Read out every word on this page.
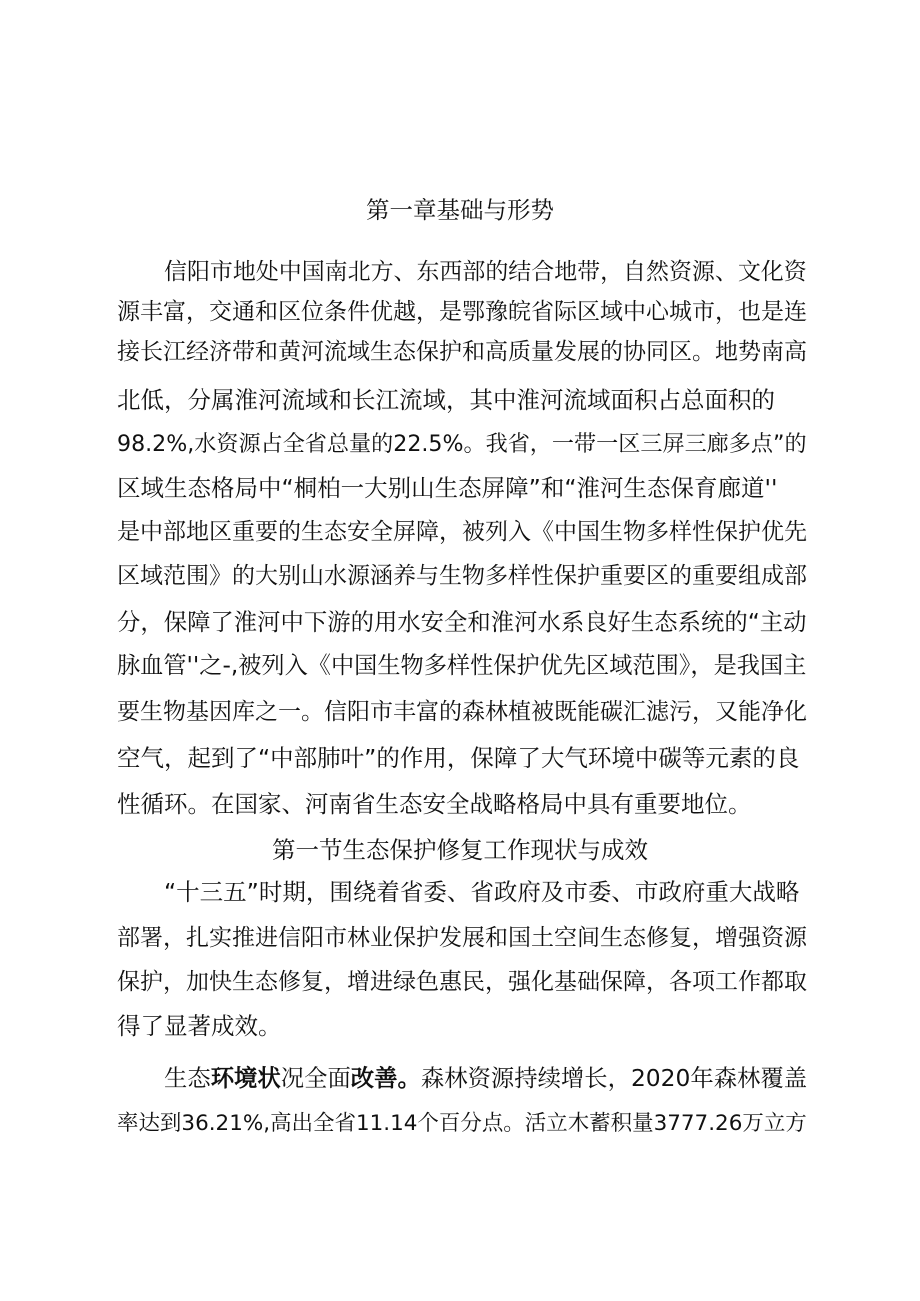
第一章基础与形势
信阳市地处中国南北方、东西部的结合地带，自然资源、文化资
源丰富，交通和区位条件优越，是鄂豫皖省际区域中心城市，也是连
接长江经济带和黄河流域生态保护和高质量发展的协同区。地势南高
北低，分属淮河流域和长江流域，其中淮河流域面积占总面积的
98.2%,水资源占全省总量的22.5%。我省，一带一区三屏三廊多点”的
区域生态格局中“桐柏一大别山生态屏障”和“淮河生态保育廊道''
是中部地区重要的生态安全屏障，被列入《中国生物多样性保护优先
区域范围》的大别山水源涵养与生物多样性保护重要区的重要组成部
分，保障了淮河中下游的用水安全和淮河水系良好生态系统的“主动
脉血管''之-,被列入《中国生物多样性保护优先区域范围》，是我国主
要生物基因库之一。信阳市丰富的森林植被既能碳汇滤污，又能净化
空气，起到了“中部肺叶”的作用，保障了大气环境中碳等元素的良
性循环。在国家、河南省生态安全战略格局中具有重要地位。
第一节生态保护修复工作现状与成效
“十三五”时期，围绕着省委、省政府及市委、市政府重大战略
部署，扎实推进信阳市林业保护发展和国土空间生态修复，增强资源
保护，加快生态修复，增进绿色惠民，强化基础保障，各项工作都取
得了显著成效。
生态环境状况全面改善。森林资源持续增长，2020年森林覆盖
率达到36.21%,高出全省11.14个百分点。活立木蓄积量3777.26万立方
